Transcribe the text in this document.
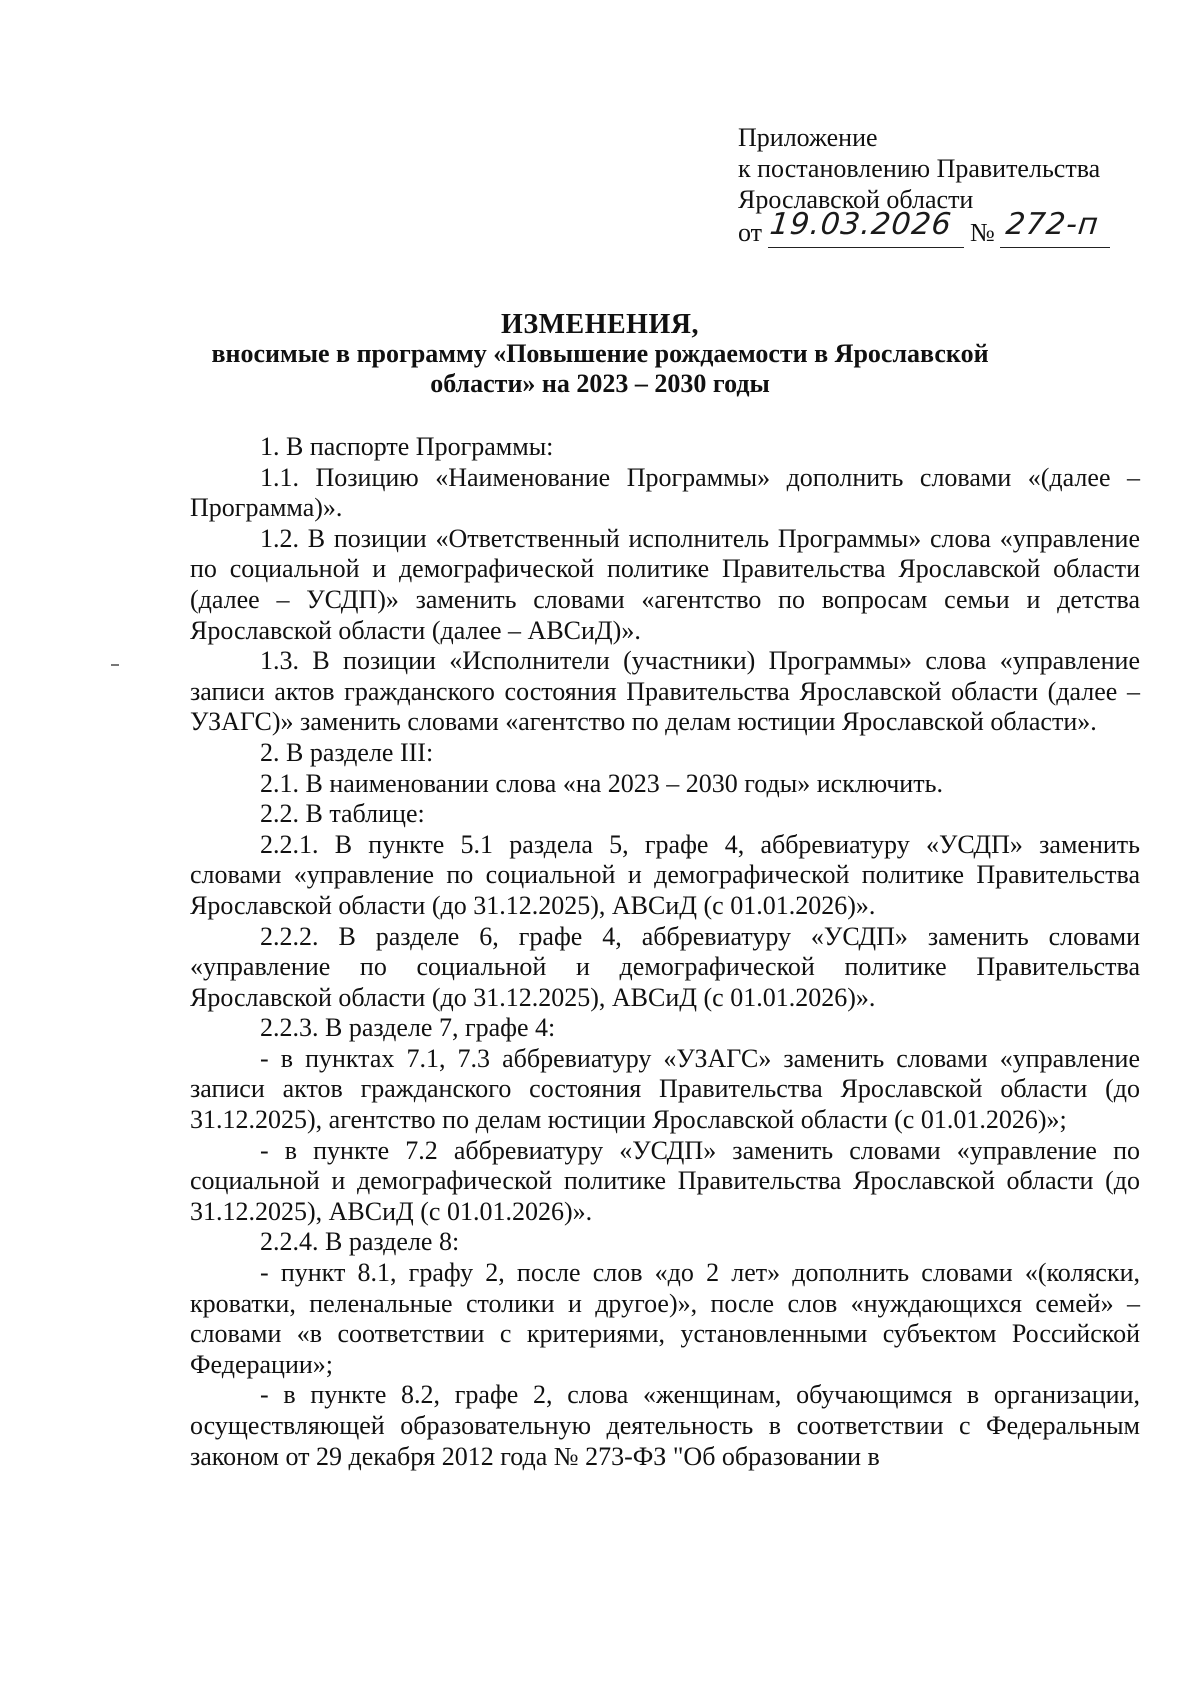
Приложение
к постановлению Правительства
Ярославской области
от 19.03.2026 № 272-п
ИЗМЕНЕНИЯ,
вносимые в программу «Повышение рождаемости в Ярославской
области» на 2023 – 2030 годы

1. В паспорте Программы:

1.1. Позицию «Наименование Программы» дополнить словами «(далее – Программа)».

1.2. В позиции «Ответственный исполнитель Программы» слова «управление по социальной и демографической политике Правительства Ярославской области (далее – УСДП)» заменить словами «агентство по вопросам семьи и детства Ярославской области (далее – АВСиД)».

1.3. В позиции «Исполнители (участники) Программы» слова «управление записи актов гражданского состояния Правительства Ярославской области (далее – УЗАГС)» заменить словами «агентство по делам юстиции Ярославской области».

2. В разделе III:

2.1. В наименовании слова «на 2023 – 2030 годы» исключить.

2.2. В таблице:

2.2.1. В пункте 5.1 раздела 5, графе 4, аббревиатуру «УСДП» заменить словами «управление по социальной и демографической политике Правительства Ярославской области (до 31.12.2025), АВСиД (с 01.01.2026)».

2.2.2. В разделе 6, графе 4, аббревиатуру «УСДП» заменить словами «управление по социальной и демографической политике Правительства Ярославской области (до 31.12.2025), АВСиД (с 01.01.2026)».

2.2.3. В разделе 7, графе 4:

- в пунктах 7.1, 7.3 аббревиатуру «УЗАГС» заменить словами «управление записи актов гражданского состояния Правительства Ярославской области (до 31.12.2025), агентство по делам юстиции Ярославской области (с 01.01.2026)»;

- в пункте 7.2 аббревиатуру «УСДП» заменить словами «управление по социальной и демографической политике Правительства Ярославской области (до 31.12.2025), АВСиД (с 01.01.2026)».

2.2.4. В разделе 8:

- пункт 8.1, графу 2, после слов «до 2 лет» дополнить словами «(коляски, кроватки, пеленальные столики и другое)», после слов «нуждающихся семей» – словами «в соответствии с критериями, установленными субъектом Российской Федерации»;

- в пункте 8.2, графе 2, слова «женщинам, обучающимся в организации, осуществляющей образовательную деятельность в соответствии с Федеральным законом от 29 декабря 2012 года № 273-ФЗ "Об образовании в
